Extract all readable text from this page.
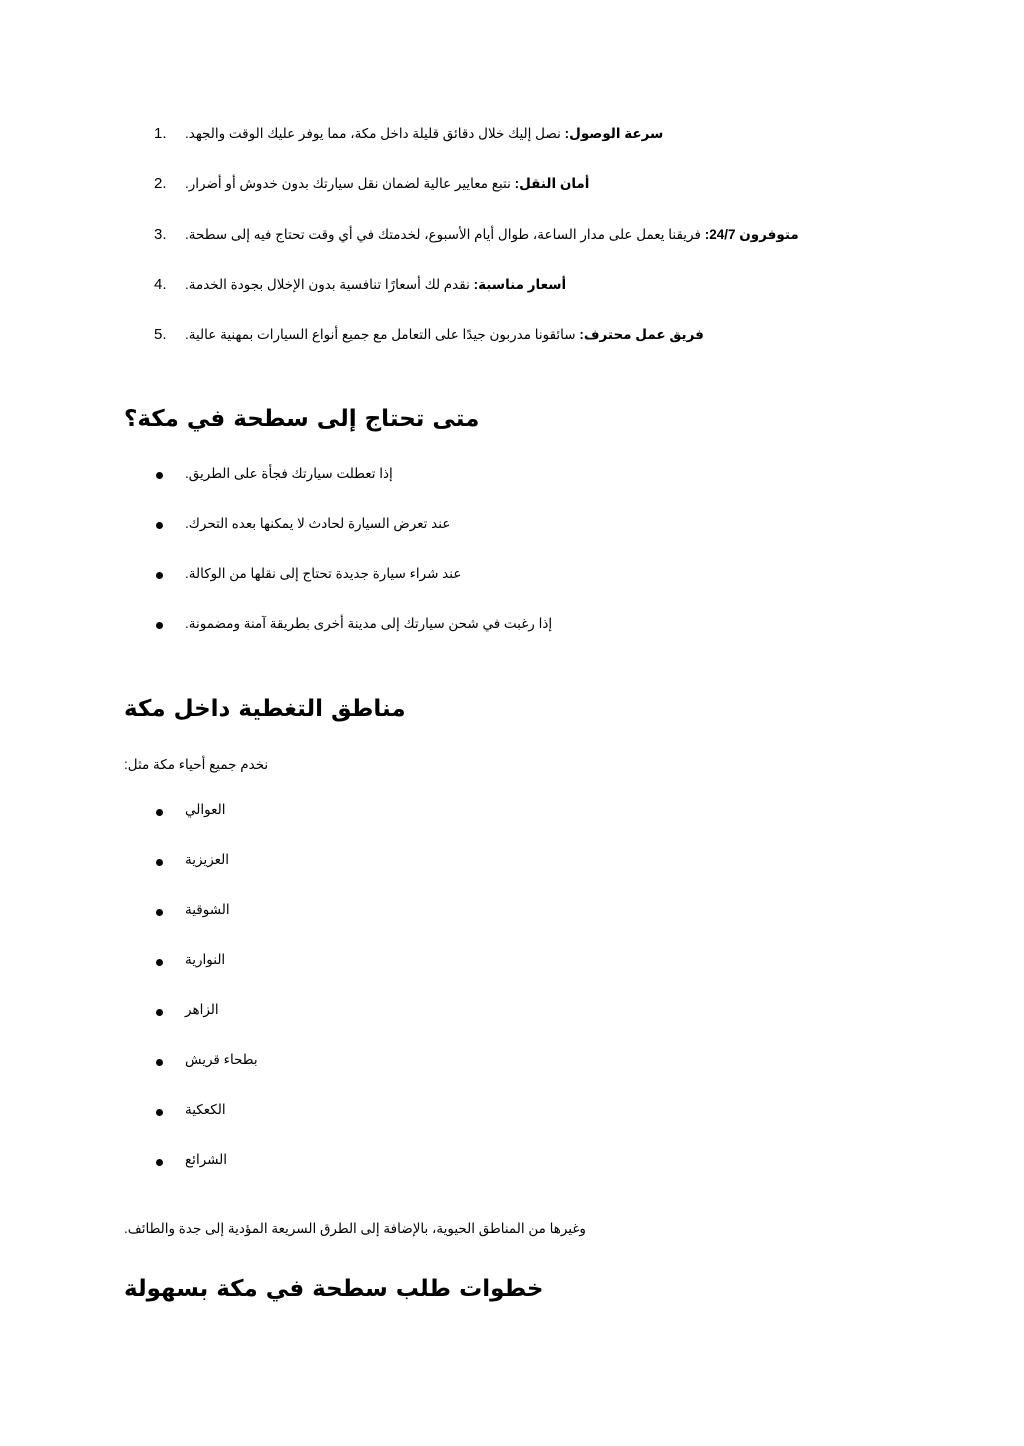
1.	سرعة الوصول: نصل إليك خلال دقائق قليلة داخل مكة، مما يوفر عليك الوقت والجهد.
2.	أمان النقل: نتبع معايير عالية لضمان نقل سيارتك بدون خدوش أو أضرار.
3.	متوفرون 24/7: فريقنا يعمل على مدار الساعة، طوال أيام الأسبوع، لخدمتك في أي وقت تحتاج فيه إلى سطحة.
4.	أسعار مناسبة: نقدم لك أسعارًا تنافسية بدون الإخلال بجودة الخدمة.
5.	فريق عمل محترف: سائقونا مدربون جيدًا على التعامل مع جميع أنواع السيارات بمهنية عالية.
متى تحتاج إلى سطحة في مكة؟
إذا تعطلت سيارتك فجأة على الطريق.
عند تعرض السيارة لحادث لا يمكنها بعده التحرك.
عند شراء سيارة جديدة تحتاج إلى نقلها من الوكالة.
إذا رغبت في شحن سيارتك إلى مدينة أخرى بطريقة آمنة ومضمونة.
مناطق التغطية داخل مكة
نخدم جميع أحياء مكة مثل:
العوالي
العزيزية
الشوقية
النوارية
الزاهر
بطحاء قريش
الكعكية
الشرائع
وغيرها من المناطق الحيوية، بالإضافة إلى الطرق السريعة المؤدية إلى جدة والطائف.
خطوات طلب سطحة في مكة بسهولة
